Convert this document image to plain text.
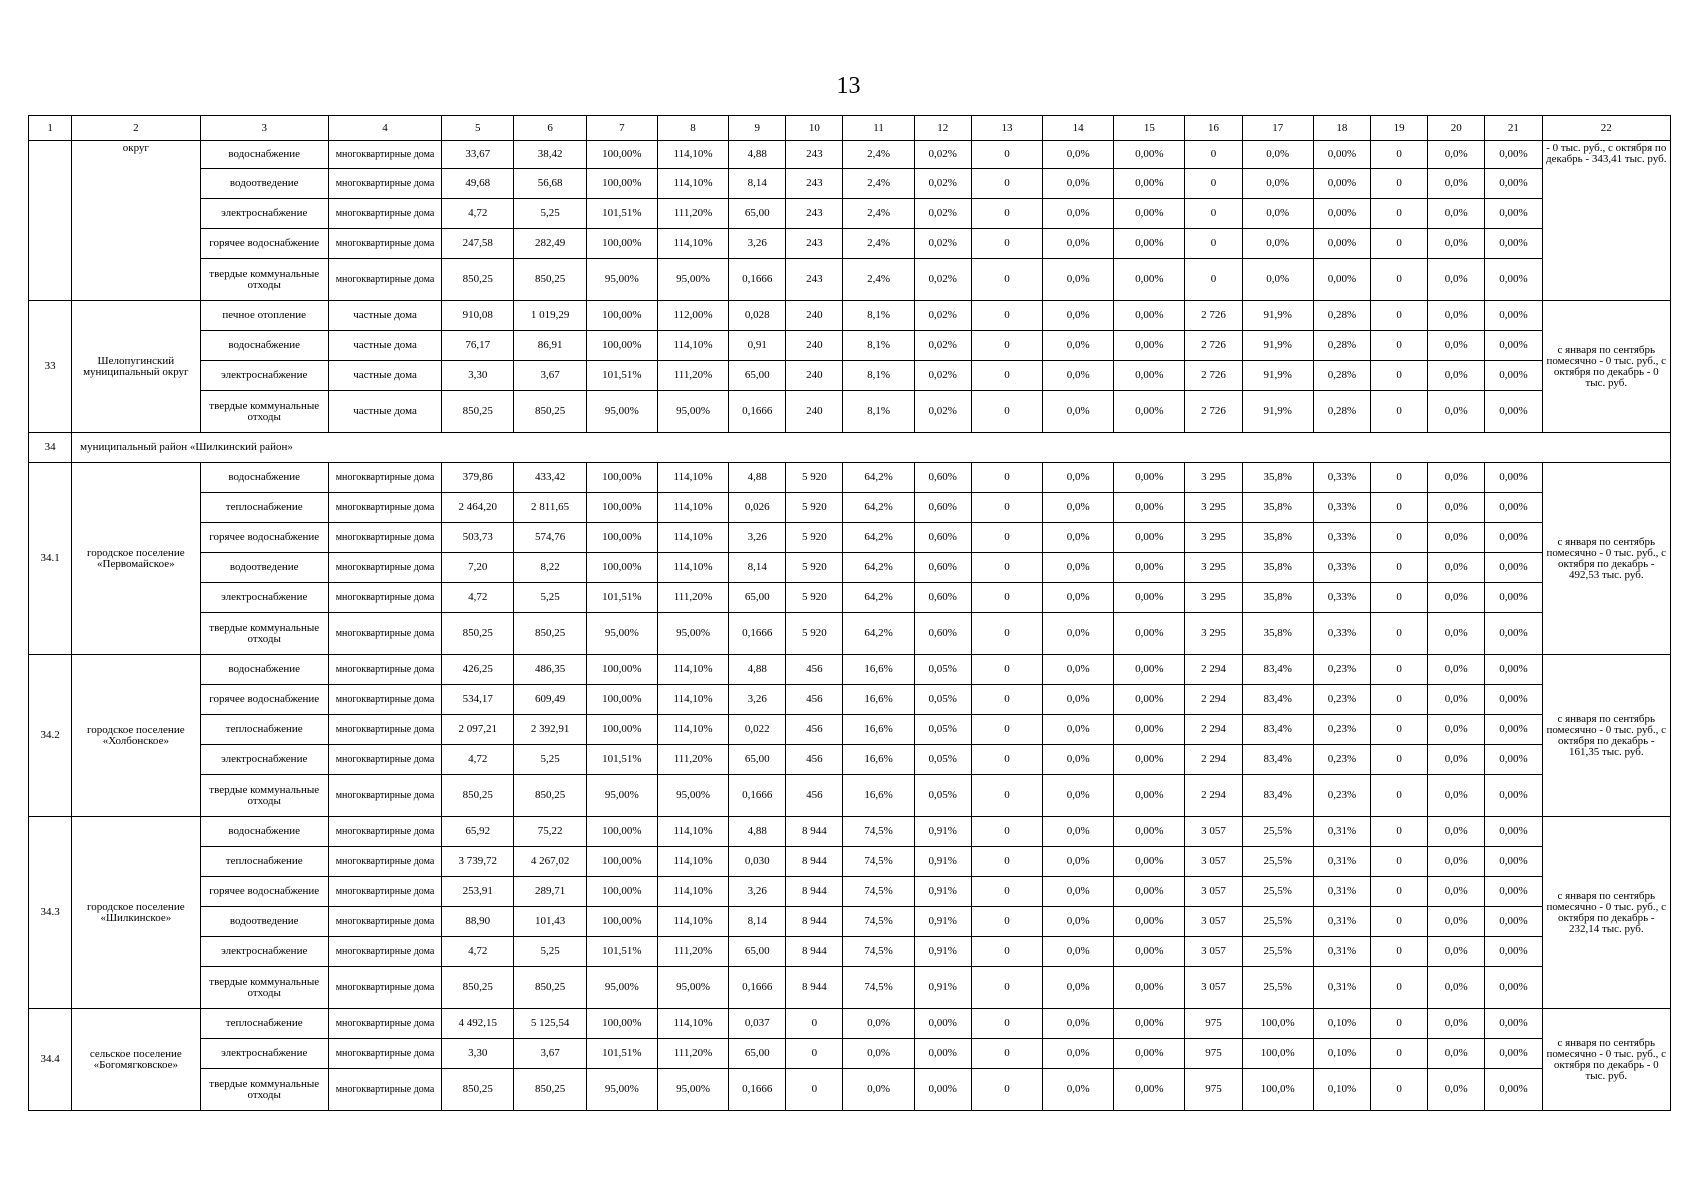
13
1	2	3	4	5	6	7	8	9	10	11	12	13	14	15	16	17	18	19	20	21	22
	округ	водоснабжение	многоквартирные дома	33,67	38,42	100,00%	114,10%	4,88	243	2,4%	0,02%	0	0,0%	0,00%	0	0,0%	0,00%	0	0,0%	0,00%	- 0 тыс. руб., с октября по декабрь - 343,41 тыс. руб.
		водоотведение	многоквартирные дома	49,68	56,68	100,00%	114,10%	8,14	243	2,4%	0,02%	0	0,0%	0,00%	0	0,0%	0,00%	0	0,0%	0,00%	
		электроснабжение	многоквартирные дома	4,72	5,25	101,51%	111,20%	65,00	243	2,4%	0,02%	0	0,0%	0,00%	0	0,0%	0,00%	0	0,0%	0,00%	
		горячее водоснабжение	многоквартирные дома	247,58	282,49	100,00%	114,10%	3,26	243	2,4%	0,02%	0	0,0%	0,00%	0	0,0%	0,00%	0	0,0%	0,00%	
		твердые коммунальные отходы	многоквартирные дома	850,25	850,25	95,00%	95,00%	0,1666	243	2,4%	0,02%	0	0,0%	0,00%	0	0,0%	0,00%	0	0,0%	0,00%	
33	Шелопугинский муниципальный округ	печное отопление	частные дома	910,08	1 019,29	100,00%	112,00%	0,028	240	8,1%	0,02%	0	0,0%	0,00%	2 726	91,9%	0,28%	0	0,0%	0,00%	с января по сентябрь помесячно - 0 тыс. руб., с октября по декабрь - 0 тыс. руб.
		водоснабжение	частные дома	76,17	86,91	100,00%	114,10%	0,91	240	8,1%	0,02%	0	0,0%	0,00%	2 726	91,9%	0,28%	0	0,0%	0,00%	
		электроснабжение	частные дома	3,30	3,67	101,51%	111,20%	65,00	240	8,1%	0,02%	0	0,0%	0,00%	2 726	91,9%	0,28%	0	0,0%	0,00%	
		твердые коммунальные отходы	частные дома	850,25	850,25	95,00%	95,00%	0,1666	240	8,1%	0,02%	0	0,0%	0,00%	2 726	91,9%	0,28%	0	0,0%	0,00%	
34	муниципальный район «Шилкинский район»																				
34.1	городское поселение «Первомайское»	водоснабжение	многоквартирные дома	379,86	433,42	100,00%	114,10%	4,88	5 920	64,2%	0,60%	0	0,0%	0,00%	3 295	35,8%	0,33%	0	0,0%	0,00%	с января по сентябрь помесячно - 0 тыс. руб., с октября по декабрь - 492,53 тыс. руб.
		теплоснабжение	многоквартирные дома	2 464,20	2 811,65	100,00%	114,10%	0,026	5 920	64,2%	0,60%	0	0,0%	0,00%	3 295	35,8%	0,33%	0	0,0%	0,00%	
		горячее водоснабжение	многоквартирные дома	503,73	574,76	100,00%	114,10%	3,26	5 920	64,2%	0,60%	0	0,0%	0,00%	3 295	35,8%	0,33%	0	0,0%	0,00%	
		водоотведение	многоквартирные дома	7,20	8,22	100,00%	114,10%	8,14	5 920	64,2%	0,60%	0	0,0%	0,00%	3 295	35,8%	0,33%	0	0,0%	0,00%	
		электроснабжение	многоквартирные дома	4,72	5,25	101,51%	111,20%	65,00	5 920	64,2%	0,60%	0	0,0%	0,00%	3 295	35,8%	0,33%	0	0,0%	0,00%	
		твердые коммунальные отходы	многоквартирные дома	850,25	850,25	95,00%	95,00%	0,1666	5 920	64,2%	0,60%	0	0,0%	0,00%	3 295	35,8%	0,33%	0	0,0%	0,00%	
34.2	городское поселение «Холбонское»	водоснабжение	многоквартирные дома	426,25	486,35	100,00%	114,10%	4,88	456	16,6%	0,05%	0	0,0%	0,00%	2 294	83,4%	0,23%	0	0,0%	0,00%	с января по сентябрь помесячно - 0 тыс. руб., с октября по декабрь - 161,35 тыс. руб.
		горячее водоснабжение	многоквартирные дома	534,17	609,49	100,00%	114,10%	3,26	456	16,6%	0,05%	0	0,0%	0,00%	2 294	83,4%	0,23%	0	0,0%	0,00%	
		теплоснабжение	многоквартирные дома	2 097,21	2 392,91	100,00%	114,10%	0,022	456	16,6%	0,05%	0	0,0%	0,00%	2 294	83,4%	0,23%	0	0,0%	0,00%	
		электроснабжение	многоквартирные дома	4,72	5,25	101,51%	111,20%	65,00	456	16,6%	0,05%	0	0,0%	0,00%	2 294	83,4%	0,23%	0	0,0%	0,00%	
		твердые коммунальные отходы	многоквартирные дома	850,25	850,25	95,00%	95,00%	0,1666	456	16,6%	0,05%	0	0,0%	0,00%	2 294	83,4%	0,23%	0	0,0%	0,00%	
34.3	городское поселение «Шилкинское»	водоснабжение	многоквартирные дома	65,92	75,22	100,00%	114,10%	4,88	8 944	74,5%	0,91%	0	0,0%	0,00%	3 057	25,5%	0,31%	0	0,0%	0,00%	с января по сентябрь помесячно - 0 тыс. руб., с октября по декабрь - 232,14 тыс. руб.
		теплоснабжение	многоквартирные дома	3 739,72	4 267,02	100,00%	114,10%	0,030	8 944	74,5%	0,91%	0	0,0%	0,00%	3 057	25,5%	0,31%	0	0,0%	0,00%	
		горячее водоснабжение	многоквартирные дома	253,91	289,71	100,00%	114,10%	3,26	8 944	74,5%	0,91%	0	0,0%	0,00%	3 057	25,5%	0,31%	0	0,0%	0,00%	
		водоотведение	многоквартирные дома	88,90	101,43	100,00%	114,10%	8,14	8 944	74,5%	0,91%	0	0,0%	0,00%	3 057	25,5%	0,31%	0	0,0%	0,00%	
		электроснабжение	многоквартирные дома	4,72	5,25	101,51%	111,20%	65,00	8 944	74,5%	0,91%	0	0,0%	0,00%	3 057	25,5%	0,31%	0	0,0%	0,00%	
		твердые коммунальные отходы	многоквартирные дома	850,25	850,25	95,00%	95,00%	0,1666	8 944	74,5%	0,91%	0	0,0%	0,00%	3 057	25,5%	0,31%	0	0,0%	0,00%	
34.4	сельское поселение «Богомягковское»	теплоснабжение	многоквартирные дома	4 492,15	5 125,54	100,00%	114,10%	0,037	0	0,0%	0,00%	0	0,0%	0,00%	975	100,0%	0,10%	0	0,0%	0,00%	с января по сентябрь помесячно - 0 тыс. руб., с октября по декабрь - 0 тыс. руб.
		электроснабжение	многоквартирные дома	3,30	3,67	101,51%	111,20%	65,00	0	0,0%	0,00%	0	0,0%	0,00%	975	100,0%	0,10%	0	0,0%	0,00%	
		твердые коммунальные отходы	многоквартирные дома	850,25	850,25	95,00%	95,00%	0,1666	0	0,0%	0,00%	0	0,0%	0,00%	975	100,0%	0,10%	0	0,0%	0,00%	
